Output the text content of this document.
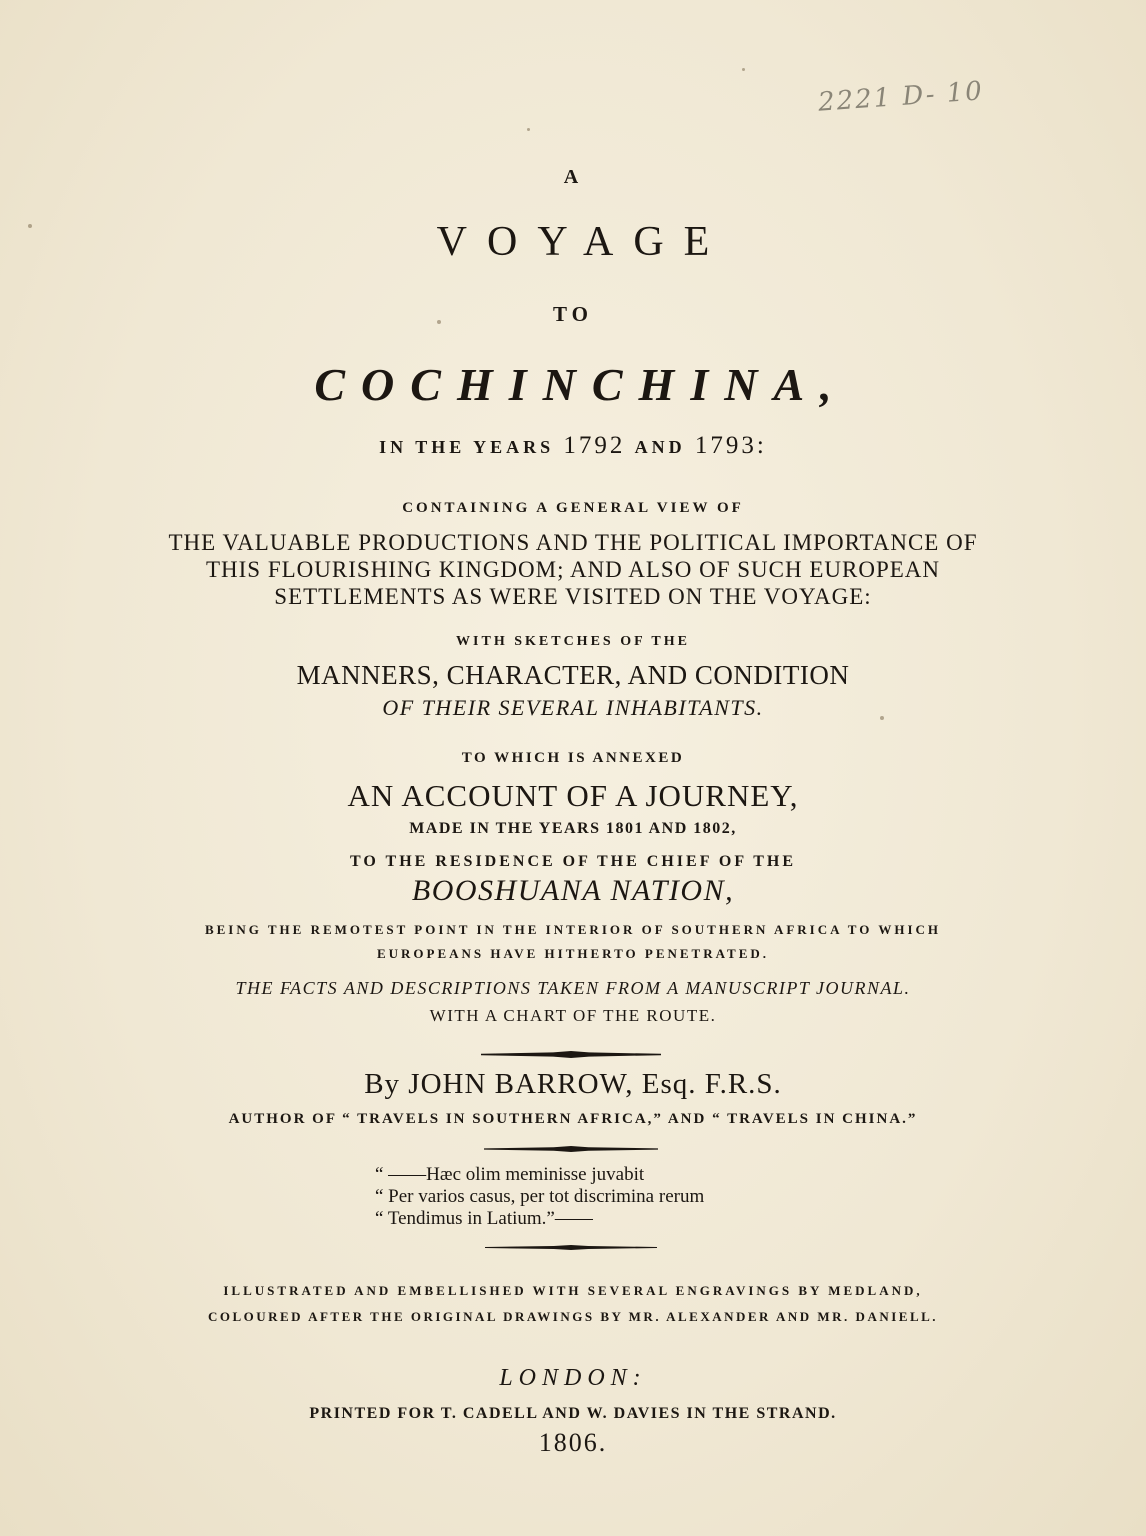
2221 D- 10
A
VOYAGE
TO
COCHINCHINA,
IN THE YEARS 1792 AND 1793:
CONTAINING A GENERAL VIEW OF
THE VALUABLE PRODUCTIONS AND THE POLITICAL IMPORTANCE OF
THIS FLOURISHING KINGDOM; AND ALSO OF SUCH EUROPEAN
SETTLEMENTS AS WERE VISITED ON THE VOYAGE:
WITH SKETCHES OF THE
MANNERS, CHARACTER, AND CONDITION
OF THEIR SEVERAL INHABITANTS.
TO WHICH IS ANNEXED
AN ACCOUNT OF A JOURNEY,
MADE IN THE YEARS 1801 AND 1802,
TO THE RESIDENCE OF THE CHIEF OF THE
BOOSHUANA NATION,
BEING THE REMOTEST POINT IN THE INTERIOR OF SOUTHERN AFRICA TO WHICH
EUROPEANS HAVE HITHERTO PENETRATED.
THE FACTS AND DESCRIPTIONS TAKEN FROM A MANUSCRIPT JOURNAL.
WITH A CHART OF THE ROUTE.
By JOHN BARROW, Esq. F.R.S.
AUTHOR OF “ TRAVELS IN SOUTHERN AFRICA,” AND “ TRAVELS IN CHINA.”
“ ——Hæc olim meminisse juvabit
“ Per varios casus, per tot discrimina rerum
“ Tendimus in Latium.”——
ILLUSTRATED AND EMBELLISHED WITH SEVERAL ENGRAVINGS BY MEDLAND,
COLOURED AFTER THE ORIGINAL DRAWINGS BY MR. ALEXANDER AND MR. DANIELL.
LONDON:
PRINTED FOR T. CADELL AND W. DAVIES IN THE STRAND.
1806.
